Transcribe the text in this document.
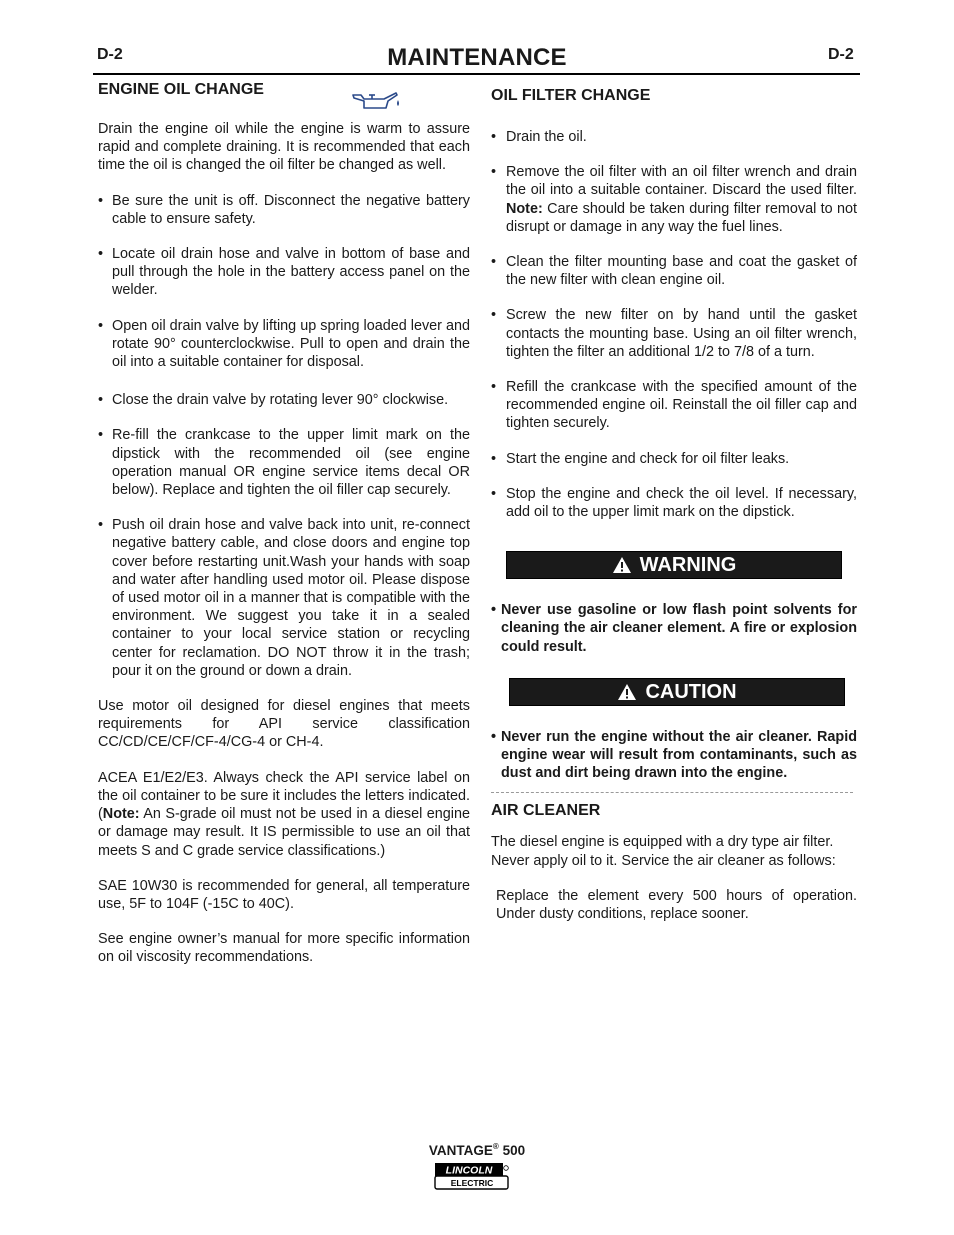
D-2	MAINTENANCE	D-2
ENGINE OIL CHANGE

Drain the engine oil while the engine is warm to assure rapid and complete draining. It is recommended that each time the oil is changed the oil filter be changed as well.

• Be sure the unit is off. Disconnect the negative battery cable to ensure safety.
• Locate oil drain hose and valve in bottom of base and pull through the hole in the battery access panel on the welder.
• Open oil drain valve by lifting up spring loaded lever and rotate 90° counterclockwise. Pull to open and drain the oil into a suitable container for disposal.
• Close the drain valve by rotating lever 90° clockwise.
• Re-fill the crankcase to the upper limit mark on the dipstick with the recommended oil (see engine operation manual OR engine service items decal OR below). Replace and tighten the oil filler cap securely.
• Push oil drain hose and valve back into unit, re-connect negative battery cable, and close doors and engine top cover before restarting unit.Wash your hands with soap and water after handling used motor oil. Please dispose of used motor oil in a manner that is compatible with the environment. We suggest you take it in a sealed container to your local service station or recycling center for reclamation. DO NOT throw it in the trash; pour it on the ground or down a drain.

Use motor oil designed for diesel engines that meets requirements for API service classification CC/CD/CE/CF/CF-4/CG-4 or CH-4.

ACEA E1/E2/E3. Always check the API service label on the oil container to be sure it includes the letters indicated. (Note: An S-grade oil must not be used in a diesel engine or damage may result. It IS permissible to use an oil that meets S and C grade service classifications.)

SAE 10W30 is recommended for general, all temperature use, 5F to 104F (-15C to 40C).

See engine owner’s manual for more specific information on oil viscosity recommendations.

OIL FILTER CHANGE
• Drain the oil.
• Remove the oil filter with an oil filter wrench and drain the oil into a suitable container. Discard the used filter. Note: Care should be taken during filter removal to not disrupt or damage in any way the fuel lines.
• Clean the filter mounting base and coat the gasket of the new filter with clean engine oil.
• Screw the new filter on by hand until the gasket contacts the mounting base. Using an oil filter wrench, tighten the filter an additional 1/2 to 7/8 of a turn.
• Refill the crankcase with the specified amount of the recommended engine oil. Reinstall the oil filler cap and tighten securely.
• Start the engine and check for oil filter leaks.
• Stop the engine and check the oil level. If necessary, add oil to the upper limit mark on the dipstick.
WARNING
• Never use gasoline or low flash point solvents for cleaning the air cleaner element. A fire or explosion could result.
CAUTION
• Never run the engine without the air cleaner. Rapid engine wear will result from contaminants, such as dust and dirt being drawn into the engine.
AIR CLEANER

The diesel engine is equipped with a dry type air filter. Never apply oil to it. Service the air cleaner as follows:

Replace the element every 500 hours of operation. Under dusty conditions, replace sooner.

VANTAGE® 500
LINCOLN
ELECTRIC
